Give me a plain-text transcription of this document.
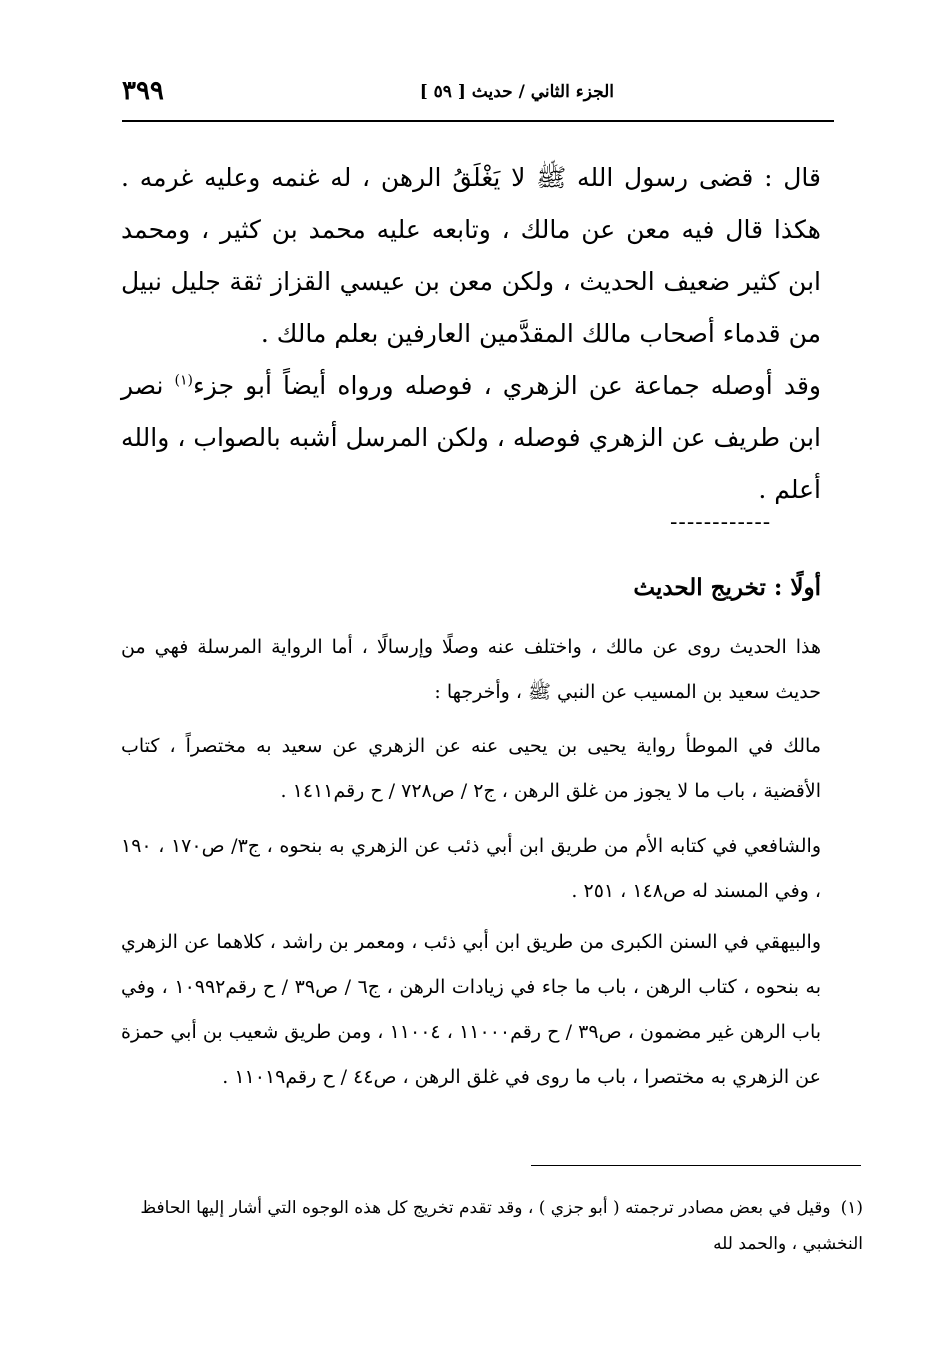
الجزء الثاني / حديث [ ٥٩ ]
٣٩٩
قال : قضى رسول الله ﷺ لا يَغْلَقُ الرهن ، له غنمه وعليه غرمه . هكذا قال فيه معن عن مالك ، وتابعه عليه محمد بن كثير ، ومحمد ابن كثير ضعيف الحديث ، ولكن معن بن عيسي القزاز ثقة جليل نبيل من قدماء أصحاب مالك المقدَّمين العارفين بعلم مالك .
وقد أوصله جماعة عن الزهري ، فوصله ورواه أيضاً أبو جزء$^{(١)}$ نصر ابن طريف عن الزهري فوصله ، ولكن المرسل أشبه بالصواب ، والله أعلم .
------------
أولًا : تخريج الحديث
هذا الحديث روى عن مالك ، واختلف عنه وصلًا وإرسالًا ، أما الرواية المرسلة فهي من حديث سعيد بن المسيب عن النبي ﷺ ، وأخرجها :
مالك في الموطأ رواية يحيى بن يحيى عنه عن الزهري عن سعيد به مختصراً ، كتاب الأقضية ، باب ما لا يجوز من غلق الرهن ، ج٢ / ص٧٢٨ / ح رقم١٤١١ .
والشافعي في كتابه الأم من طريق ابن أبي ذئب عن الزهري به بنحوه ، ج٣/ ص١٧٠ ، ١٩٠ ، وفي المسند له ص١٤٨ ، ٢٥١ .
والبيهقي في السنن الكبرى من طريق ابن أبي ذئب ، ومعمر بن راشد ، كلاهما عن الزهري به بنحوه ، كتاب الرهن ، باب ما جاء في زيادات الرهن ، ج٦ / ص٣٩ / ح رقم١٠٩٩٢ ، وفي باب الرهن غير مضمون ، ص٣٩ / ح رقم١١٠٠٠ ، ١١٠٠٤ ، ومن طريق شعيب بن أبي حمزة عن الزهري به مختصرا ، باب ما روى في غلق الرهن ، ص٤٤ / ح رقم١١٠١٩ .
(١)وقيل في بعض مصادر ترجمته ( أبو جزي ) ، وقد تقدم تخريج كل هذه الوجوه التي أشار إليها الحافظ النخشبي ، والحمد لله
